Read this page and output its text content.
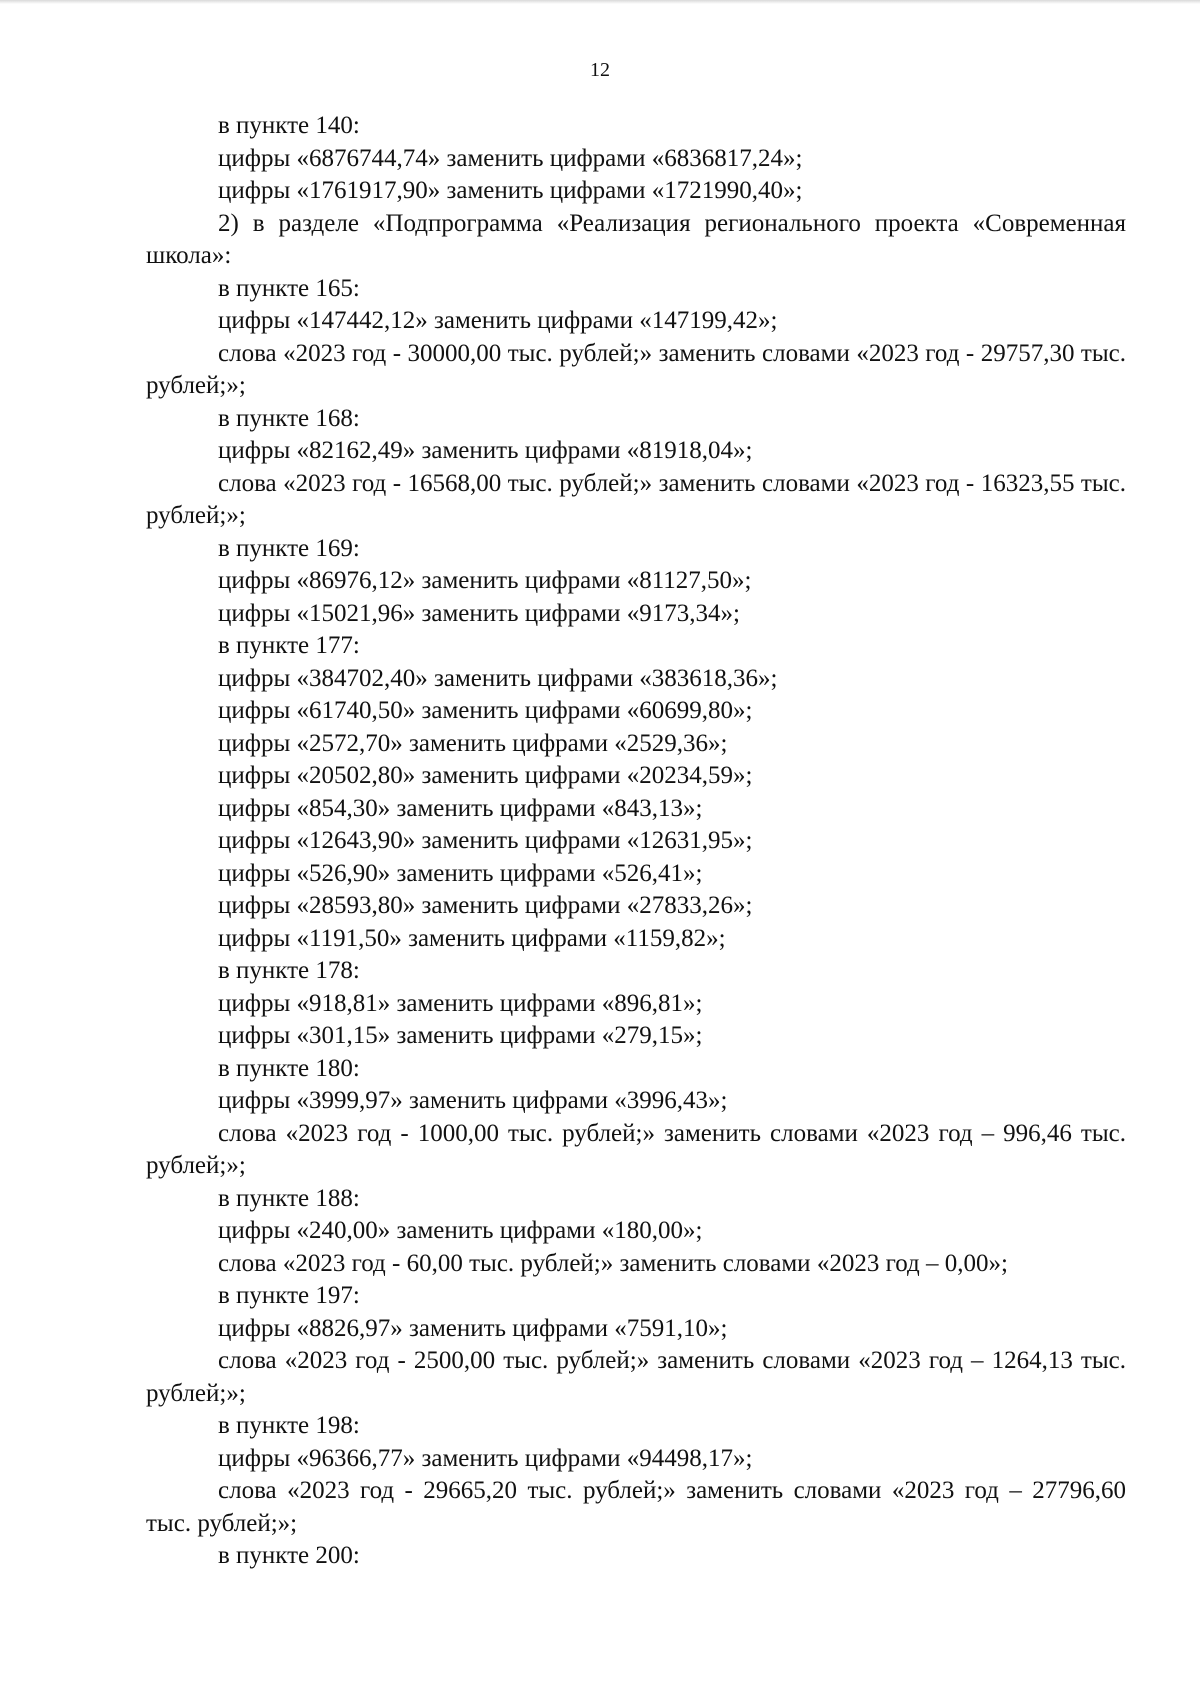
12

в пункте 140:

цифры «6876744,74» заменить цифрами «6836817,24»;

цифры «1761917,90» заменить цифрами «1721990,40»;

2) в разделе «Подпрограмма «Реализация регионального проекта «Современная школа»:

в пункте 165:

цифры «147442,12» заменить цифрами «147199,42»;

слова «2023 год - 30000,00 тыс. рублей;» заменить словами «2023 год - 29757,30 тыс. рублей;»;

в пункте 168:

цифры «82162,49» заменить цифрами «81918,04»;

слова «2023 год - 16568,00 тыс. рублей;» заменить словами «2023 год - 16323,55 тыс. рублей;»;

в пункте 169:

цифры «86976,12» заменить цифрами «81127,50»;

цифры «15021,96» заменить цифрами «9173,34»;

в пункте 177:

цифры «384702,40» заменить цифрами «383618,36»;

цифры «61740,50» заменить цифрами «60699,80»;

цифры «2572,70» заменить цифрами «2529,36»;

цифры «20502,80» заменить цифрами «20234,59»;

цифры «854,30» заменить цифрами «843,13»;

цифры «12643,90» заменить цифрами «12631,95»;

цифры «526,90» заменить цифрами «526,41»;

цифры «28593,80» заменить цифрами «27833,26»;

цифры «1191,50» заменить цифрами «1159,82»;

в пункте 178:

цифры «918,81» заменить цифрами «896,81»;

цифры «301,15» заменить цифрами «279,15»;

в пункте 180:

цифры «3999,97» заменить цифрами «3996,43»;

слова «2023 год - 1000,00 тыс. рублей;» заменить словами «2023 год – 996,46 тыс. рублей;»;

в пункте 188:

цифры «240,00» заменить цифрами «180,00»;

слова «2023 год - 60,00 тыс. рублей;» заменить словами «2023 год – 0,00»;

в пункте 197:

цифры «8826,97» заменить цифрами «7591,10»;

слова «2023 год - 2500,00 тыс. рублей;» заменить словами «2023 год – 1264,13 тыс. рублей;»;

в пункте 198:

цифры «96366,77» заменить цифрами «94498,17»;

слова «2023 год - 29665,20 тыс. рублей;» заменить словами «2023 год – 27796,60 тыс. рублей;»;

в пункте 200:
